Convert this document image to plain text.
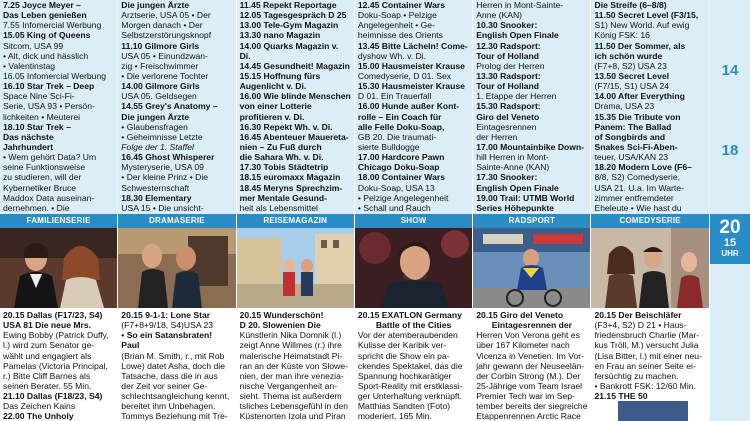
7.25 Joyce Meyer –
Das Leben genießen
7.55 Infomercial Werbung
15.05 King of Queens
Sitcom, USA 99
• Alt, dick und hässlich
• Valentinstag
16.05 Infomercial Werbung
16.10 Star Trek – Deep
Space Nine Sci-Fi-
Serie, USA 93 • Persön-
lichkeiten • Meuterei
18.10 Star Trek –
Das nächste
Jahrhundert
• Wem gehört Data? Um
seine Funktionsweise
zu studieren, will der
Kybernetiker Bruce
Maddox Data auseinan-
dernehmen. • Die
FAMILIENSERIE
20.15 Dallas (F17/23, S4)
USA 81 Die neue Mrs.
Ewing Bobby (Patrick Duffy,
l.) wird zum Senator ge-
wählt und engagiert als
Pamelas (Victoria Principal,
r.) Bitte Cliff Barnes als
seinen Berater. 55 Min.
21.10 Dallas (F18/23, S4)
Das Zeichen Kains
22.00 The Unholy
Die jungen Ärzte
Arztserie, USA 05 • Der
Morgen danach • Der
Selbstzerstörungsknopf
11.10 Gilmore Girls
USA 05 • Einundzwan-
zig • Freischwimmer
• Die verlorene Tochter
14.00 Gilmore Girls
USA 05. Geldsegen
14.55 Grey's Anatomy –
Die jungen Ärzte
• Glaubensfragen
• Geheimnisse Letzte
Folge der 1. Staffel
16.45 Ghost Whisperer
Mysteryserie, USA 09
• Der kleine Prinz • Die
Schwesternschaft
18.30 Elementary
USA 15 • Die unsicht-
DRAMASERIE
20.15 9-1-1: Lone Star
(F7+8+9/18, S4)USA 23
• So ein Satansbraten! Paul
(Brian M. Smith, r., mit Rob
Lowe) datet Asha, doch die
Tatsache, dass die in aus
der Zeit vor seiner Ge-
schlechtsangleichung kennt,
bereitet ihm Unbehagen.
Tommys Beziehung mit Tre-
11.45 Repekt Reportage
12.05 Tagesgespräch D 25
13.00 Tele-Gym Magazin
13.30 nano Magazin
14.00 Quarks Magazin v. Di.
14.45 Gesundheit! Magazin
15.15 Hoffnung fürs
Augenlicht v. Di.
16.00 Wie blinde Menschen
von einer Lotterie
profitieren v. Di.
16.30 Repekt Wh. v. Di.
16.45 Abenteuer Mauereta-
nien – Zu Fuß durch
die Sahara Wh. v. Di.
17.30 Tobis Städtetrip
18.15 euromaxx Magazin
18.45 Meryns Sprechzim-
mer Mentale Gesund-
heit als Lebensmittel
REISEMAGAZIN
20.15 Wunderschön!
D 20. Slowenien Die
Künstlerin Nika Domnik (l.)
zeigt Anne Willmes (r.) ihre
malerische Heimatstadt Pi-
ran an der Küste von Slowe-
nien, der man ihre venezia-
nische Vergangenheit an-
sieht. Thema ist außerdem
tsliches Lebensgefühl in den
Küstenorten Izola und Piran
12.45 Container Wars
Doku-Soap • Pelzige
Angelegenheit • Ge-
heimnisse des Orients
13.45 Bitte Lächeln! Come-
dyshow Wh. v. Di.
15.00 Hausmeister Krause
Comedyserie, D 01. Sex
15.30 Hausmeister Krause
D 01. Ein Trauerfall
16.00 Hunde außer Kont-
rolle – Ein Coach für
alle Felle Doku-Soap,
GB 20. Die traumati-
sierte Bulldogge
17.00 Hardcore Pawn
Chicago Doku-Soap
18.00 Container Wars
Doku-Soap, USA 13
• Pelzige Angelegenheit
• Schall und Rauch
SHOW
20.15 EXATLON Germany
Battle of the Cities
Vor der atemberaubenden
Kulisse der Karibik ver-
spricht die Show ein pa-
ckendes Spektakel, das die
Spannung hochkarätiger
Sport-Reality mit erstklassi-
ger Unterhaltung verknüpft.
Matthias Sandten (Foto)
moderiert. 165 Min.
Herren in Mont-Sainte-
Anne (KAN)
10.30 Snooker:
English Open Finale
12.30 Radsport:
Tour of Holland
Prolog der Herren
13.30 Radsport:
Tour of Holland
1. Etappe der Herren
15.30 Radsport:
Giro del Veneto
Eintagesrennen
der Herren
17.00 Mountainbike Down-
hill Herren in Mont-
Sainte-Anne (KAN)
17.30 Snooker:
English Open Finale
19.00 Trail: UTMB World
Series Höhepunkte
RADSPORT
20.15 Giro del Veneto
Eintagesrennen der
Herren Von Verona geht es
über 167 Kilometer nach
Vicenza in Venetien. Im Vor-
jahr gewann der Neuseelän-
der Corbin Strong (M.). Der
25-Jährige vom Team Israel
Premier Tech war im Sep-
tember bereits der siegreiche
Etappenrennen Arctic Race
Die Streife (6–8/8)
11.50 Secret Level (F3/15,
S1) New World. Auf ewig König FSK: 16
11.50 Der Sommer, als
ich schön wurde
(F7+8, S2) USA 23
13.50 Secret Level
(F7/15, S1) USA 24
14.00 After Everything
Drama, USA 23
15.35 Die Tribute von
Panem: The Ballad
of Songbirds and
Snakes Sci-Fi-Aben-
teuer, USA/KAN 23
18.20 Modern Love (F6–
8/8, S2) Comedyserie,
USA 21. U.a. Im Warte-
zimmer entfremdeter
Eheleute • Wie hast du
COMEDYSERIE
20.15 Der Beischläfer
(F3+4, S2) D 21 • Haus-
friedensbruch Charlie (Mar-
kus Tröll, M.) versucht Julia
(Lisa Bitter, l.) mit einer neu-
en Frau an seiner Seite ei-
fersüchtig zu machen.
• Bankrott FSK: 12/60 Min.
21.15 THE 50
14
18
20
15
UHR
